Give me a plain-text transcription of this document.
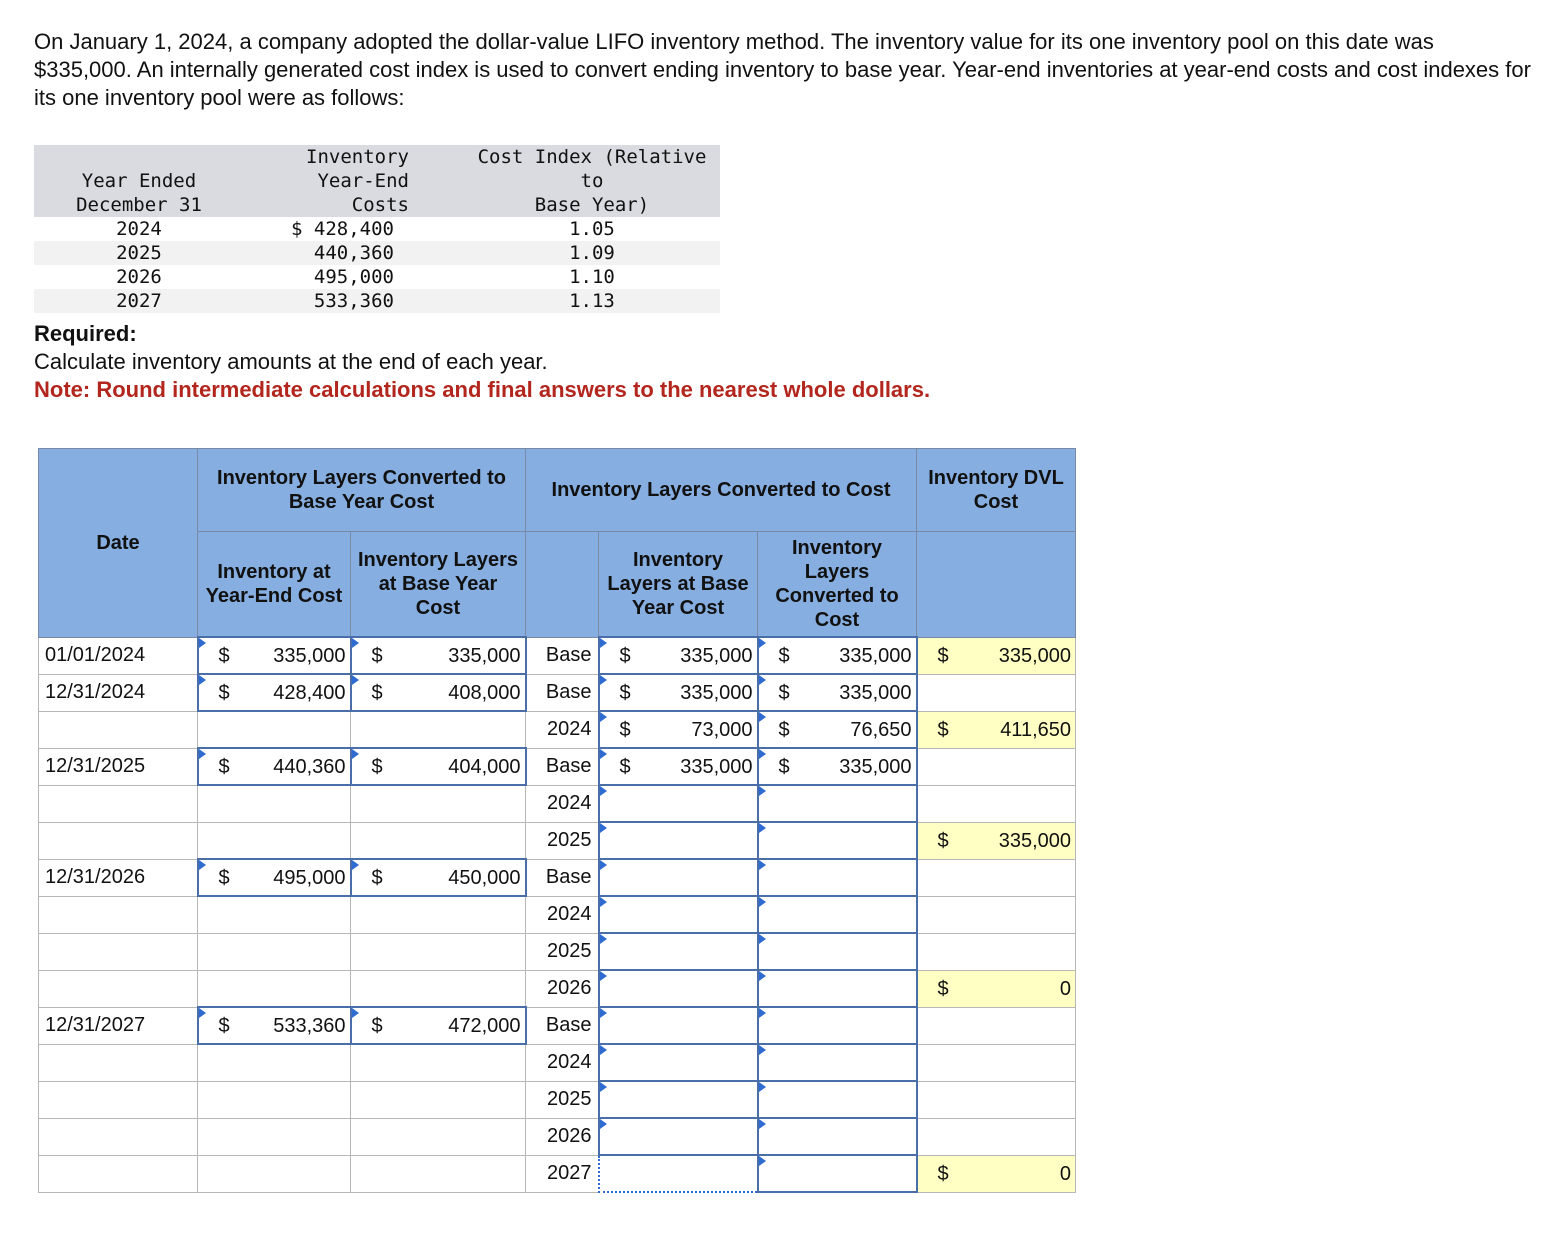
On January 1, 2024, a company adopted the dollar-value LIFO inventory method. The inventory value for its one inventory pool on this date was $335,000. An internally generated cost index is used to convert ending inventory to base year. Year-end inventories at year-end costs and cost indexes for its one inventory pool were as follows:

Year Ended
December 31	Inventory
Year-End Costs	Cost Index (Relative to
Base Year)
2024	$ 428,400	1.05
2025	440,360	1.09
2026	495,000	1.10
2027	533,360	1.13
Required:
Calculate inventory amounts at the end of each year.
Note: Round intermediate calculations and final answers to the nearest whole dollars.
Date	Inventory Layers Converted to Base Year Cost		Inventory Layers Converted to Cost			Inventory DVL Cost
	Inventory at Year-End Cost	Inventory Layers at Base Year Cost		Inventory Layers at Base Year Cost	Inventory Layers Converted to Cost	
01/01/2024	$ 335,000	$ 335,000	Base	$ 335,000	$ 335,000	$ 335,000

12/31/2024	$ 428,400	$ 408,000	Base	$ 335,000	$ 335,000	

			2024	$ 73,000	$ 76,650	$ 411,650

12/31/2025	$ 440,360	$ 404,000	Base	$ 335,000	$ 335,000	

			2024			
			2025			$ 335,000

12/31/2026	$ 495,000	$ 450,000	Base			
			2024			
			2025			
			2026			$ 0

12/31/2027	$ 533,360	$ 472,000	Base			
			2024			
			2025			
			2026			
			2027			$ 0
